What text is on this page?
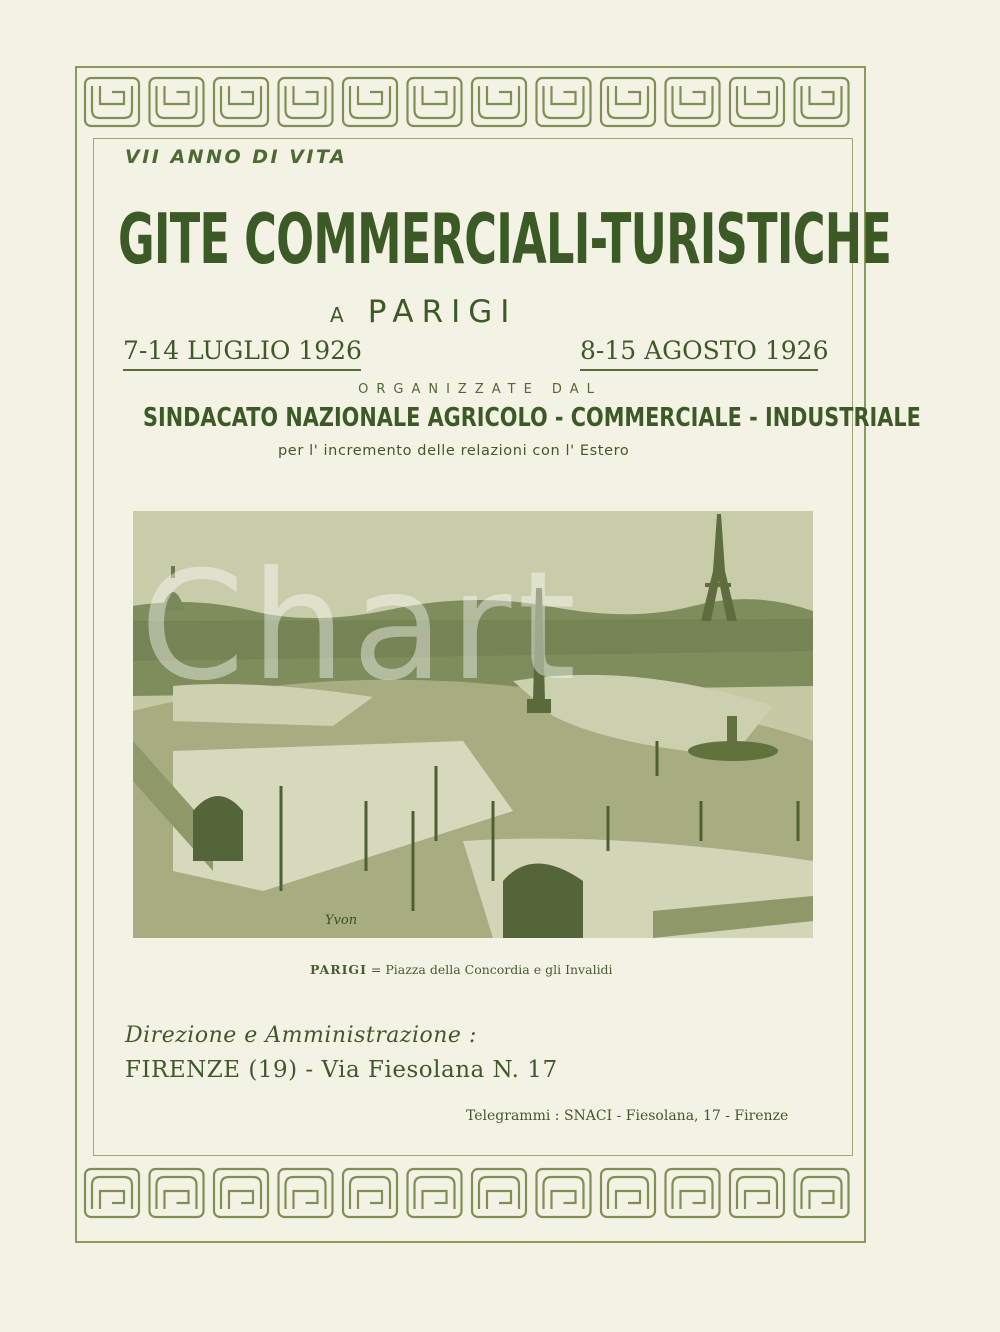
VII ANNO DI VITA
GITE COMMERCIALI-TURISTICHE
A PARIGI
7-14 LUGLIO 1926	8-15 AGOSTO 1926
ORGANIZZATE DAL
SINDACATO NAZIONALE AGRICOLO - COMMERCIALE - INDUSTRIALE
per l' incremento delle relazioni con l' Estero
Yvon
Chart
PARIGI = Piazza della Concordia e gli Invalidi
Direzione e Amministrazione :
FIRENZE (19) - Via Fiesolana N. 17
Telegrammi : SNACI - Fiesolana, 17 - Firenze
